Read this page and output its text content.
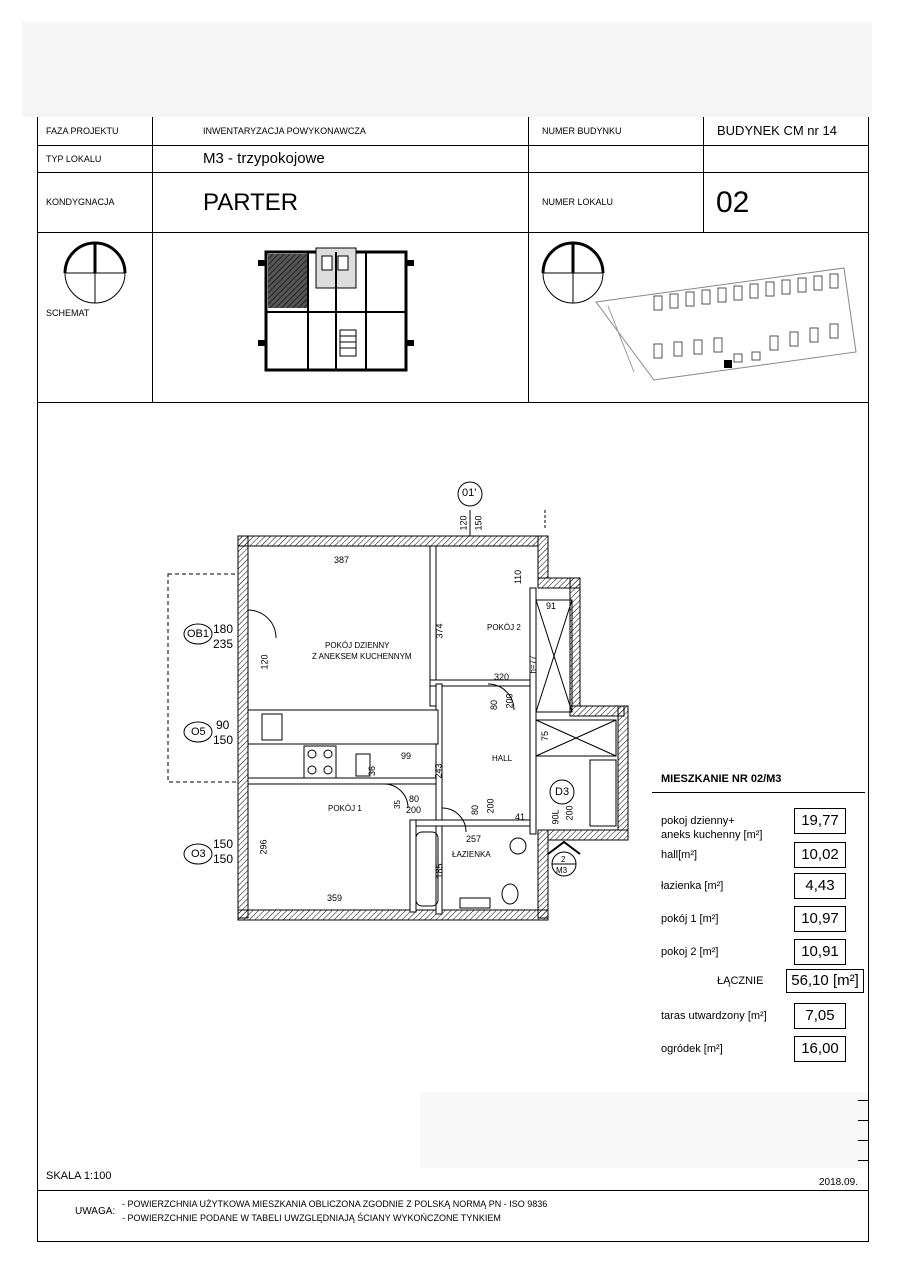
FAZA PROJEKTU	INWENTARYZACJA POWYKONAWCZA	NUMER BUDYNKU	BUDYNEK CM nr 14
TYP LOKALU	M3 - trzypokojowe
KONDYGNACJA	PARTER	NUMER LOKALU	02
SCHEMAT
01'
POKÓJ DZIENNY
Z ANEKSEM KUCHENNYM
POKÓJ 2
HALL
POKÓJ 1
ŁAZIENKA
387
374
320
110
91
120 150
80 200
99
243
36
80
200	80 200
257
41	90L 200
296
359
185
120
75
h=77
35
OB1 180
235
O5 90
150
O3
150
150
D3
2
M3
MIESZKANIE NR 02/M3
pokoj dzienny+
aneks kuchenny [m²]
19,77
hall[m²]	10,02
łazienka [m²]	4,43
pokój 1 [m²]	10,97
pokoj 2 [m²]	10,91
ŁĄCZNIE	56,10 [m²]
taras utwardzony [m²]	7,05
ogródek [m²]	16,00
SKALA 1:100
2018.09.
UWAGA:
- POWIERZCHNIA UŻYTKOWA MIESZKANIA OBLICZONA ZGODNIE Z POLSKĄ NORMĄ PN - ISO 9836
- POWIERZCHNIE PODANE W TABELI UWZGLĘDNIAJĄ ŚCIANY WYKOŃCZONE TYNKIEM
